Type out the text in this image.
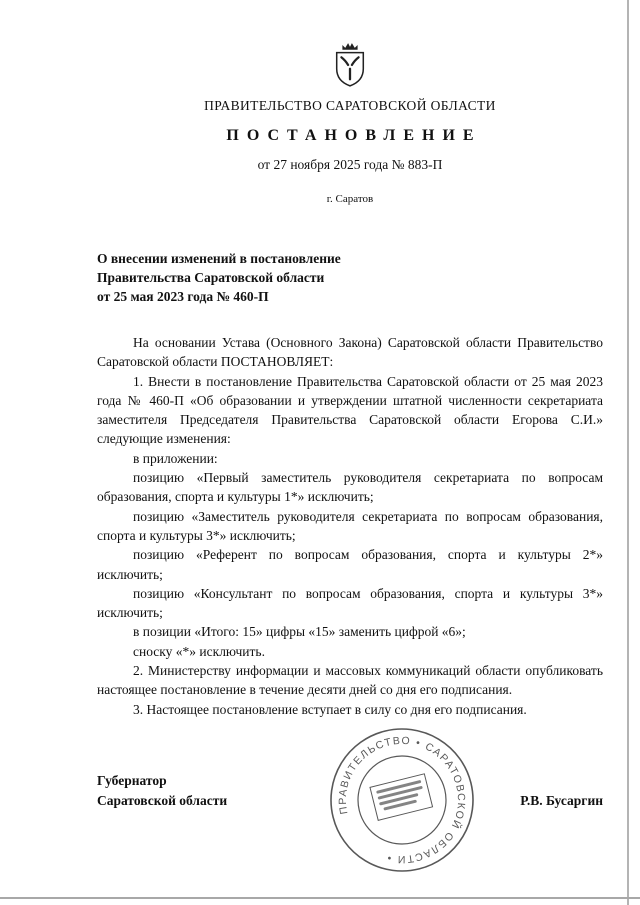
ПРАВИТЕЛЬСТВО САРАТОВСКОЙ ОБЛАСТИ
ПОСТАНОВЛЕНИЕ
от 27 ноября 2025 года № 883-П
г. Саратов
О внесении изменений в постановление
Правительства Саратовской области
от 25 мая 2023 года № 460-П

На основании Устава (Основного Закона) Саратовской области Правительство Саратовской области ПОСТАНОВЛЯЕТ:

1. Внести в постановление Правительства Саратовской области от 25 мая 2023 года № 460-П «Об образовании и утверждении штатной численности секретариата заместителя Председателя Правительства Саратовской области Егорова С.И.» следующие изменения:

в приложении:

позицию «Первый заместитель руководителя секретариата по вопросам образования, спорта и культуры 1*» исключить;

позицию «Заместитель руководителя секретариата по вопросам образования, спорта и культуры 3*» исключить;

позицию «Референт по вопросам образования, спорта и культуры 2*» исключить;

позицию «Консультант по вопросам образования, спорта и культуры 3*» исключить;

в позиции «Итого: 15» цифры «15» заменить цифрой «6»;

сноску «*» исключить.

2. Министерству информации и массовых коммуникаций области опубликовать настоящее постановление в течение десяти дней со дня его подписания.

3. Настоящее постановление вступает в силу со дня его подписания.

Губернатор
Саратовской области	Р.В. Бусаргин
ПРАВИТЕЛЬСТВО • САРАТОВСКОЙ ОБЛАСТИ •
